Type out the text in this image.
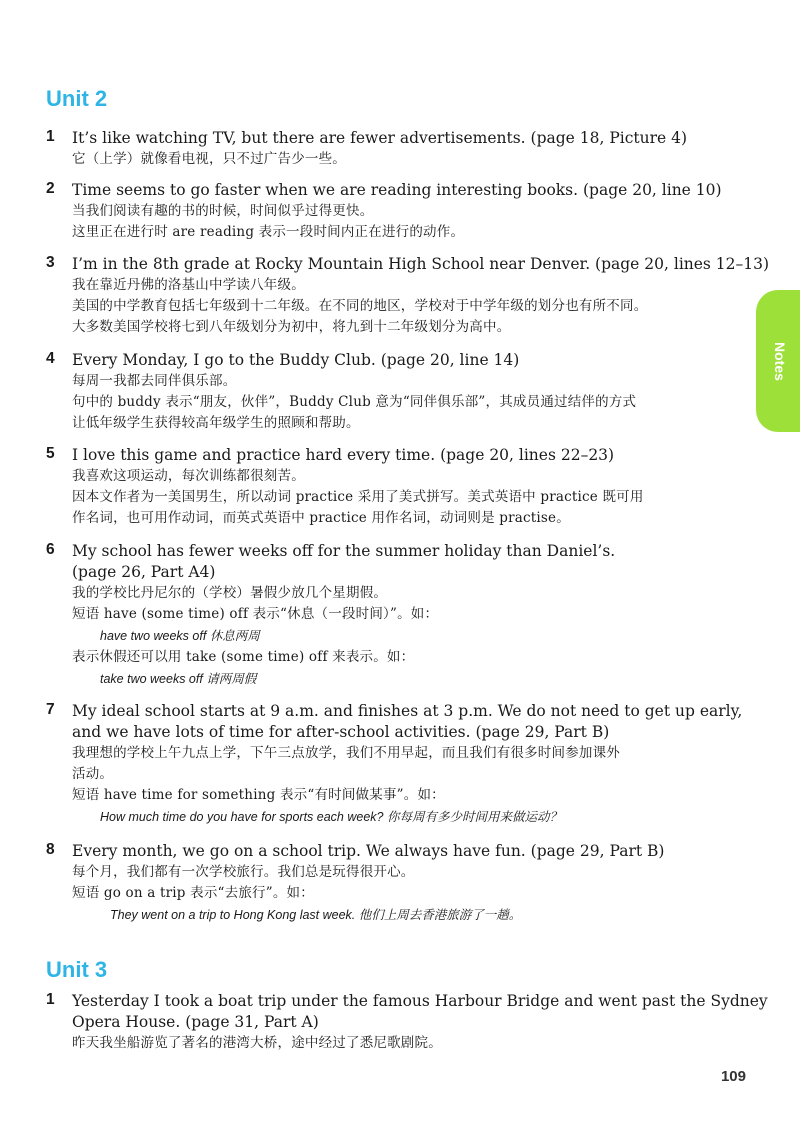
Unit 2
1 It’s like watching TV, but there are fewer advertisements. (page 18, Picture 4)
它（上学）就像看电视，只不过广告少一些。
2 Time seems to go faster when we are reading interesting books. (page 20, line 10)
当我们阅读有趣的书的时候，时间似乎过得更快。
这里正在进行时 are reading 表示一段时间内正在进行的动作。
3 I’m in the 8th grade at Rocky Mountain High School near Denver. (page 20, lines 12–13)
我在靠近丹佛的洛基山中学读八年级。
美国的中学教育包括七年级到十二年级。在不同的地区，学校对于中学年级的划分也有所不同。
大多数美国学校将七到八年级划分为初中，将九到十二年级划分为高中。
4 Every Monday, I go to the Buddy Club. (page 20, line 14)
每周一我都去同伴俱乐部。
句中的 buddy 表示“朋友，伙伴”，Buddy Club 意为“同伴俱乐部”，其成员通过结伴的方式
让低年级学生获得较高年级学生的照顾和帮助。
5 I love this game and practice hard every time. (page 20, lines 22–23)
我喜欢这项运动，每次训练都很刻苦。
因本文作者为一美国男生，所以动词 practice 采用了美式拼写。美式英语中 practice 既可用
作名词，也可用作动词，而英式英语中 practice 用作名词，动词则是 practise。
6 My school has fewer weeks off for the summer holiday than Daniel’s.
(page 26, Part A4)
我的学校比丹尼尔的（学校）暑假少放几个星期假。
短语 have (some time) off 表示“休息（一段时间）”。如：
have two weeks off 休息两周
表示休假还可以用 take (some time) off 来表示。如：
take two weeks off 请两周假
7 My ideal school starts at 9 a.m. and finishes at 3 p.m. We do not need to get up early,
and we have lots of time for after-school activities. (page 29, Part B)
我理想的学校上午九点上学，下午三点放学，我们不用早起，而且我们有很多时间参加课外
活动。
短语 have time for something 表示“有时间做某事”。如：
How much time do you have for sports each week? 你每周有多少时间用来做运动？
8 Every month, we go on a school trip. We always have fun. (page 29, Part B)
每个月，我们都有一次学校旅行。我们总是玩得很开心。
短语 go on a trip 表示“去旅行”。如：
They went on a trip to Hong Kong last week. 他们上周去香港旅游了一趟。
Unit 3
1 Yesterday I took a boat trip under the famous Harbour Bridge and went past the Sydney
Opera House. (page 31, Part A)
昨天我坐船游览了著名的港湾大桥，途中经过了悉尼歌剧院。
Notes
109
